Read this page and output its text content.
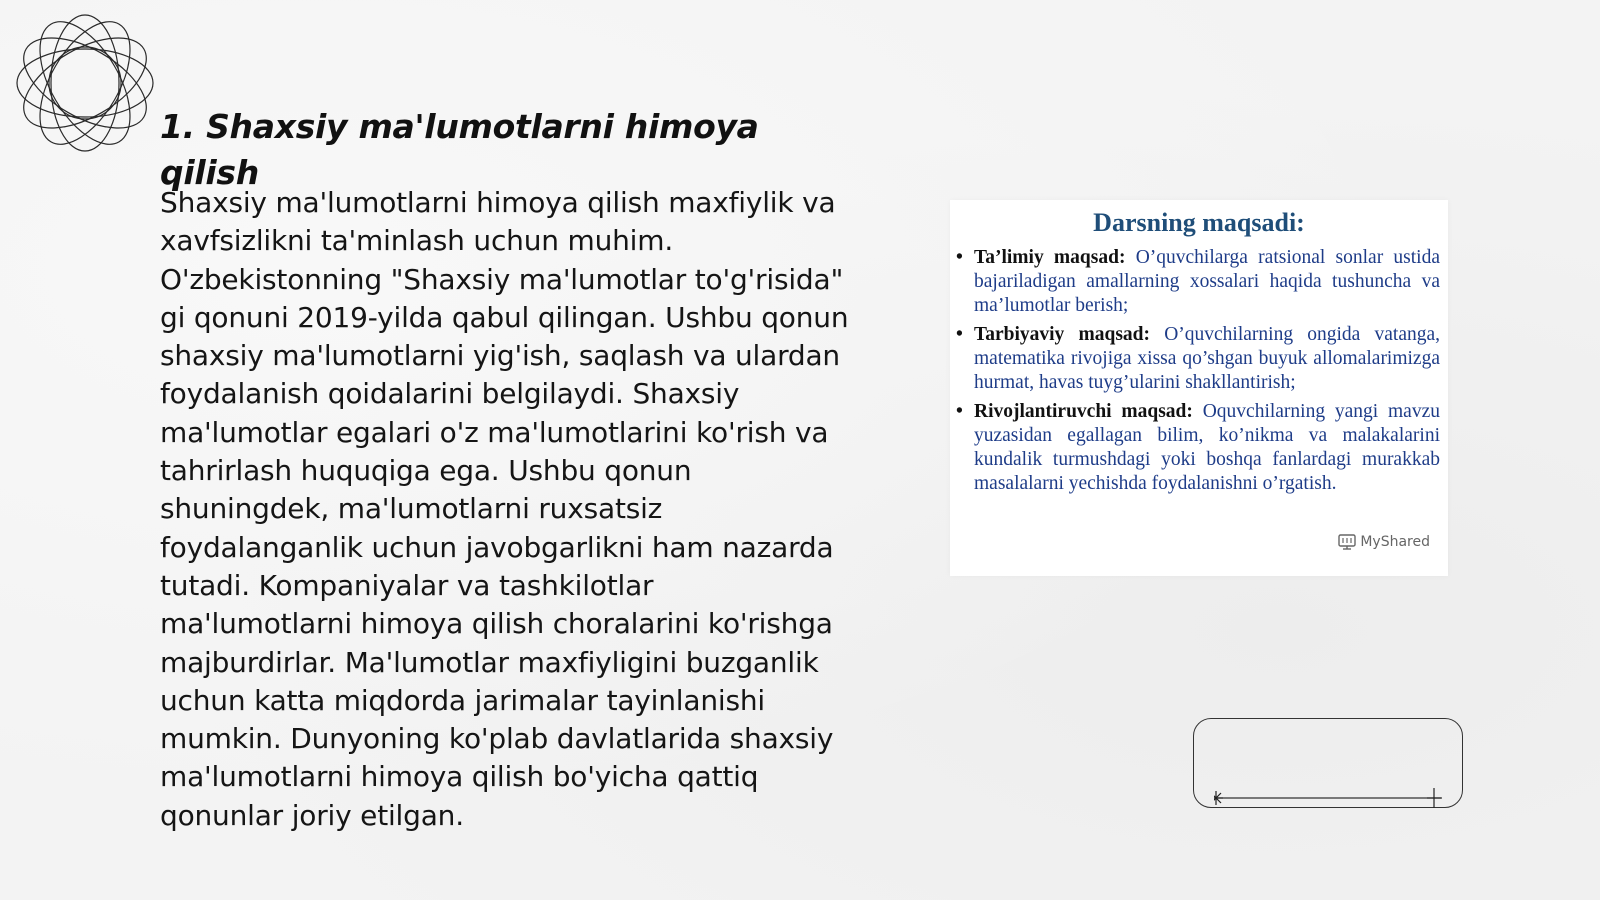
1. Shaxsiy ma'lumotlarni himoya qilish

Shaxsiy ma'lumotlarni himoya qilish maxfiylik va xavfsizlikni ta'minlash uchun muhim. O'zbekistonning "Shaxsiy ma'lumotlar to'g'risida" gi qonuni 2019-yilda qabul qilingan. Ushbu qonun shaxsiy ma'lumotlarni yig'ish, saqlash va ulardan foydalanish qoidalarini belgilaydi. Shaxsiy ma'lumotlar egalari o'z ma'lumotlarini ko'rish va tahrirlash huquqiga ega. Ushbu qonun shuningdek, ma'lumotlarni ruxsatsiz foydalanganlik uchun javobgarlikni ham nazarda tutadi. Kompaniyalar va tashkilotlar ma'lumotlarni himoya qilish choralarini ko'rishga majburdirlar. Ma'lumotlar maxfiyligini buzganlik uchun katta miqdorda jarimalar tayinlanishi mumkin. Dunyoning ko'plab davlatlarida shaxsiy ma'lumotlarni himoya qilish bo'yicha qattiq qonunlar joriy etilgan.

Darsning maqsadi:
• Ta’limiy maqsad: O’quvchilarga ratsional sonlar ustida bajariladigan amallarning xossalari haqida tushuncha va ma’lumotlar berish;
• Tarbiyaviy maqsad: O’quvchilarning ongida vatanga, matematika rivojiga xissa qo’shgan buyuk allomalarimizga hurmat, havas tuyg’ularini shakllantirish;
• Rivojlantiruvchi maqsad: Oquvchilarning yangi mavzu yuzasidan egallagan bilim, ko’nikma va malakalarini kundalik turmushdagi yoki boshqa fanlardagi murakkab masalalarni yechishda foydalanishni o’rgatish.
MyShared
